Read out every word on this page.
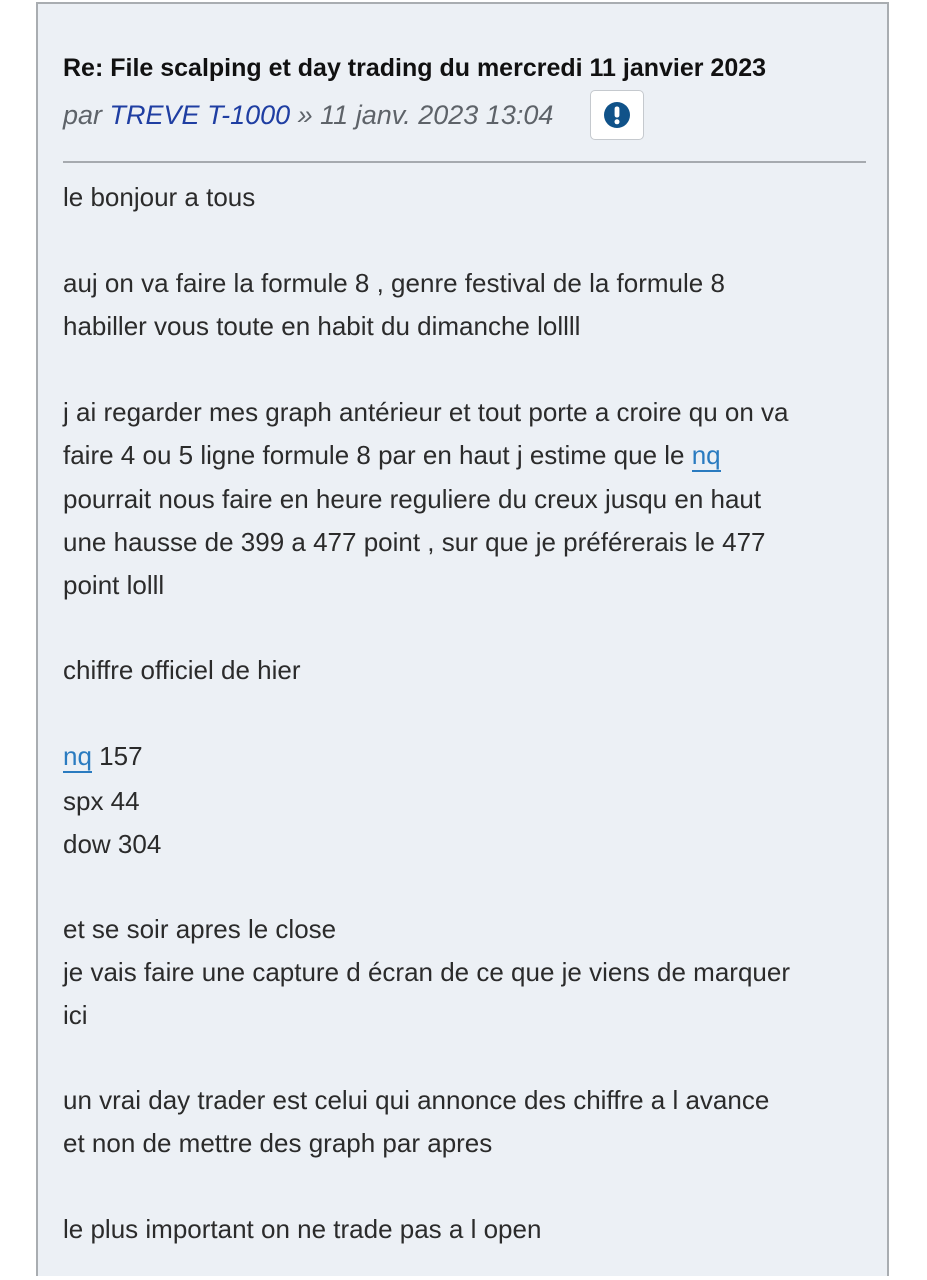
Re: File scalping et day trading du mercredi 11 janvier 2023
par TREVE T-1000 » 11 janv. 2023 13:04
le bonjour a tous
auj on va faire la formule 8 , genre festival de la formule 8
habiller vous toute en habit du dimanche lollll
j ai regarder mes graph antérieur et tout porte a croire qu on va
faire 4 ou 5 ligne formule 8 par en haut j estime que le nq
pourrait nous faire en heure reguliere du creux jusqu en haut
une hausse de 399 a 477 point , sur que je préférerais le 477
point lolll
chiffre officiel de hier
nq 157
spx 44
dow 304
et se soir apres le close
je vais faire une capture d écran de ce que je viens de marquer
ici
un vrai day trader est celui qui annonce des chiffre a l avance
et non de mettre des graph par apres
le plus important on ne trade pas a l open
